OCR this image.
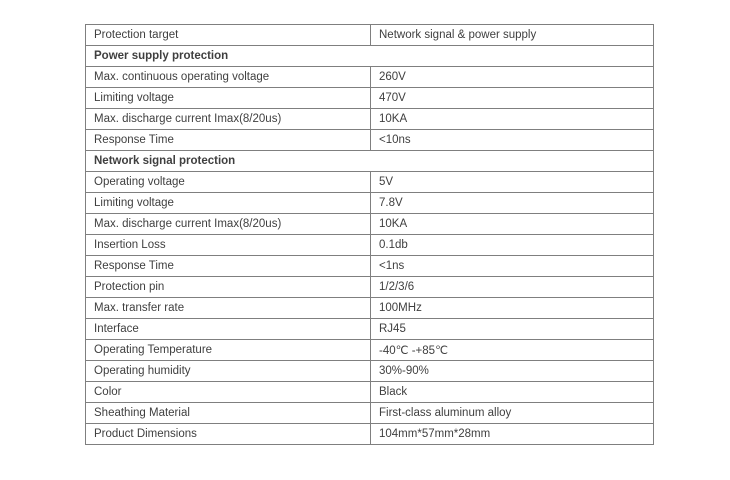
Protection target	Network signal & power supply
Power supply protection	
Max. continuous operating voltage	260V
Limiting voltage	470V
Max. discharge current Imax(8/20us)	10KA
Response Time	<10ns
Network signal protection	
Operating voltage	5V
Limiting voltage	7.8V
Max. discharge current Imax(8/20us)	10KA
Insertion Loss	0.1db
Response Time	<1ns
Protection pin	1/2/3/6
Max. transfer rate	100MHz
Interface	RJ45
Operating Temperature	-40℃ -+85℃
Operating humidity	30%-90%
Color	Black
Sheathing Material	First-class aluminum alloy
Product Dimensions	104mm*57mm*28mm
